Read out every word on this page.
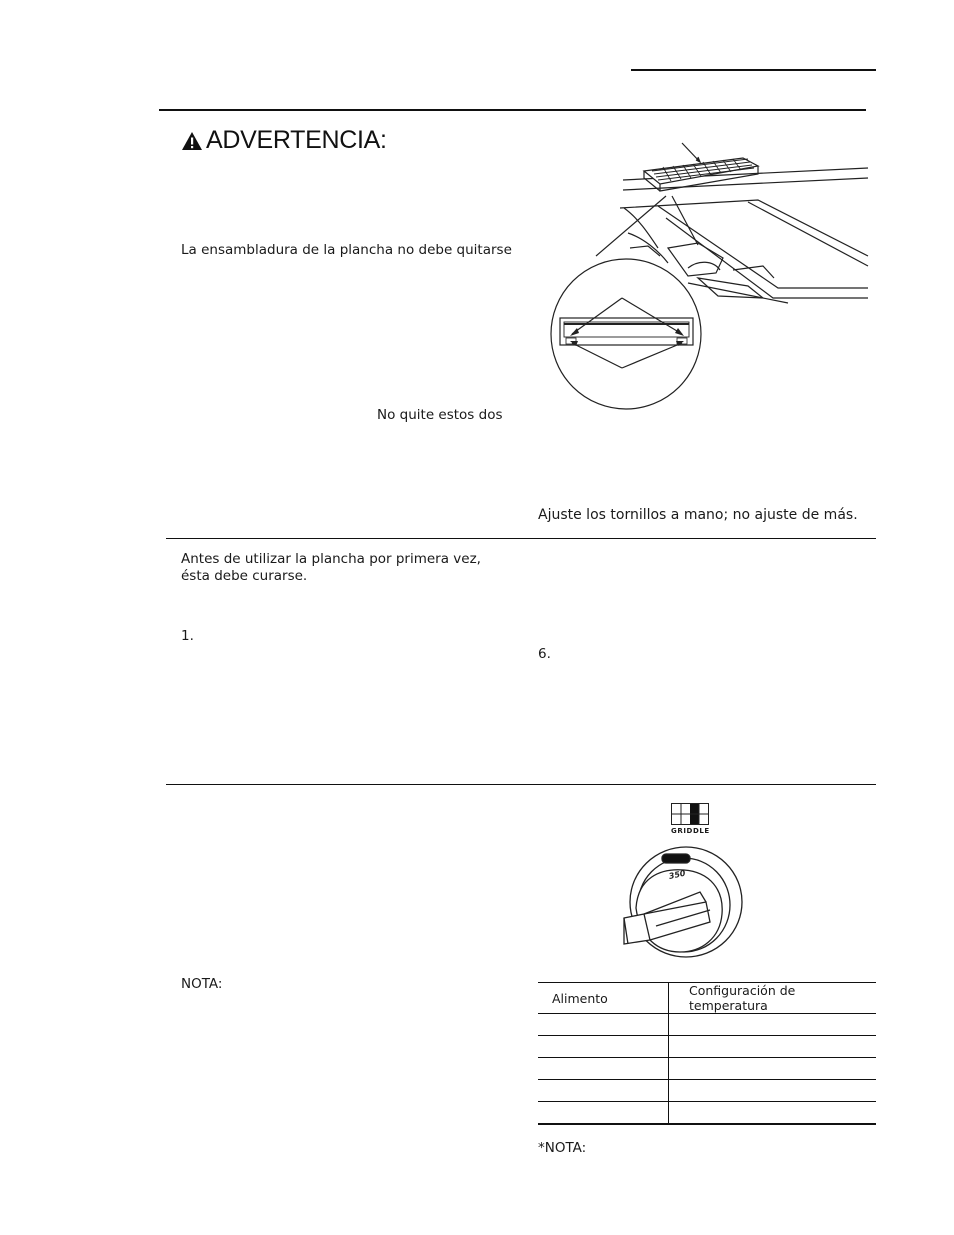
ADVERTENCIA:
La ensambladura de la plancha no debe quitarse
No quite estos dos
Ajuste los tornillos a mano; no ajuste de más.
Antes de utilizar la plancha por primera vez,
ésta debe curarse.
1.
6.
GRIDDLE
350
NOTA:
Alimento	Configuración de temperatura

*NOTA:
